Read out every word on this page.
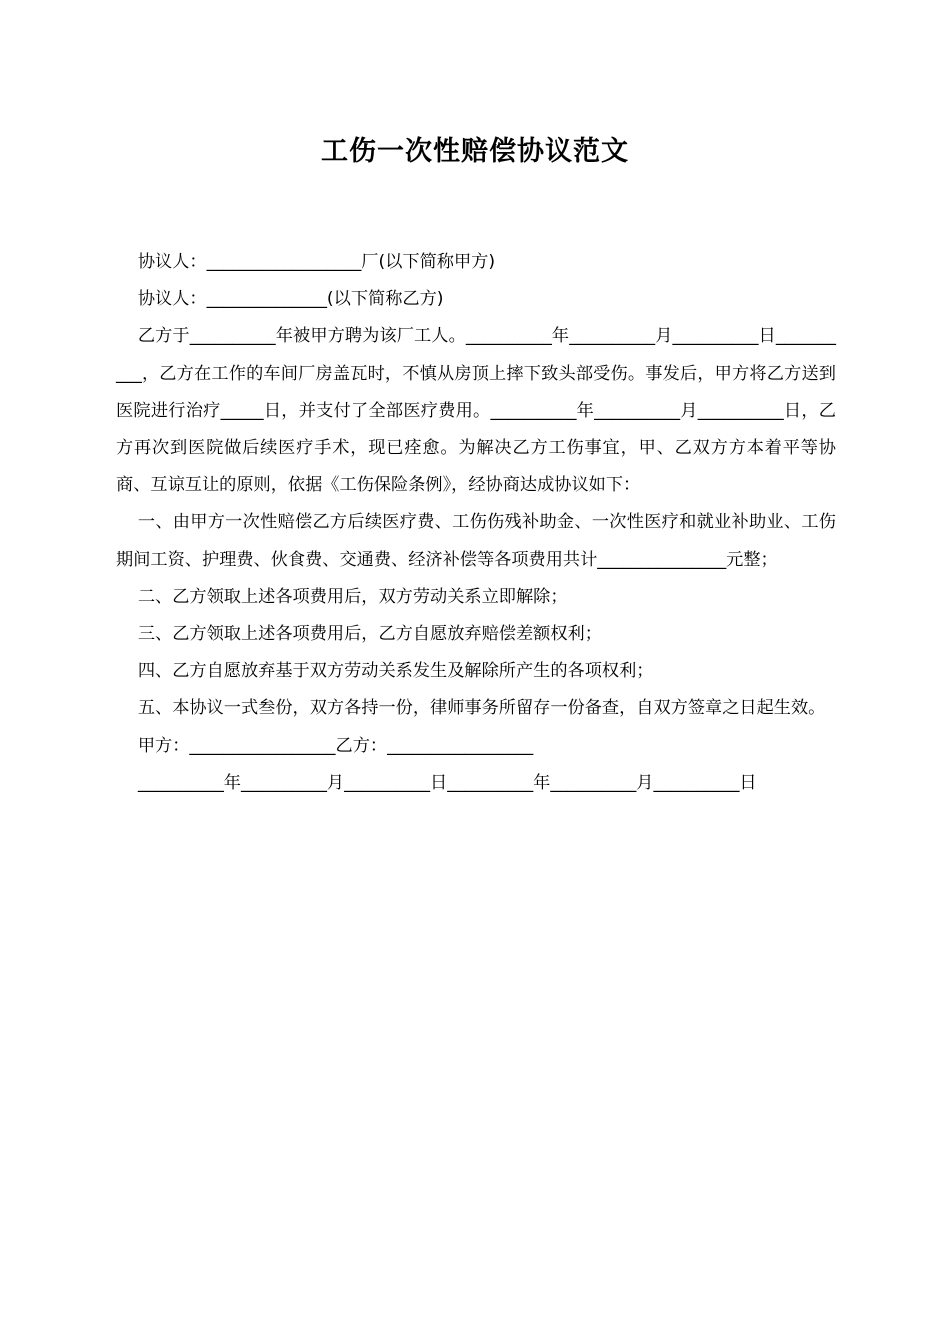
工伤一次性赔偿协议范文

协议人：__________________厂(以下简称甲方)

协议人：______________(以下简称乙方)

乙方于__________年被甲方聘为该厂工人。__________年__________月__________日__________，乙方在工作的车间厂房盖瓦时，不慎从房顶上摔下致头部受伤。事发后，甲方将乙方送到医院进行治疗_____日，并支付了全部医疗费用。__________年__________月__________日，乙方再次到医院做后续医疗手术，现已痊愈。为解决乙方工伤事宜，甲、乙双方方本着平等协商、互谅互让的原则，依据《工伤保险条例》，经协商达成协议如下：

一、由甲方一次性赔偿乙方后续医疗费、工伤伤残补助金、一次性医疗和就业补助业、工伤期间工资、护理费、伙食费、交通费、经济补偿等各项费用共计_______________元整；

二、乙方领取上述各项费用后，双方劳动关系立即解除；

三、乙方领取上述各项费用后，乙方自愿放弃赔偿差额权利；

四、乙方自愿放弃基于双方劳动关系发生及解除所产生的各项权利；

五、本协议一式叁份，双方各持一份，律师事务所留存一份备查，自双方签章之日起生效。

甲方：_________________乙方：_________________

__________年__________月__________日__________年__________月__________日
